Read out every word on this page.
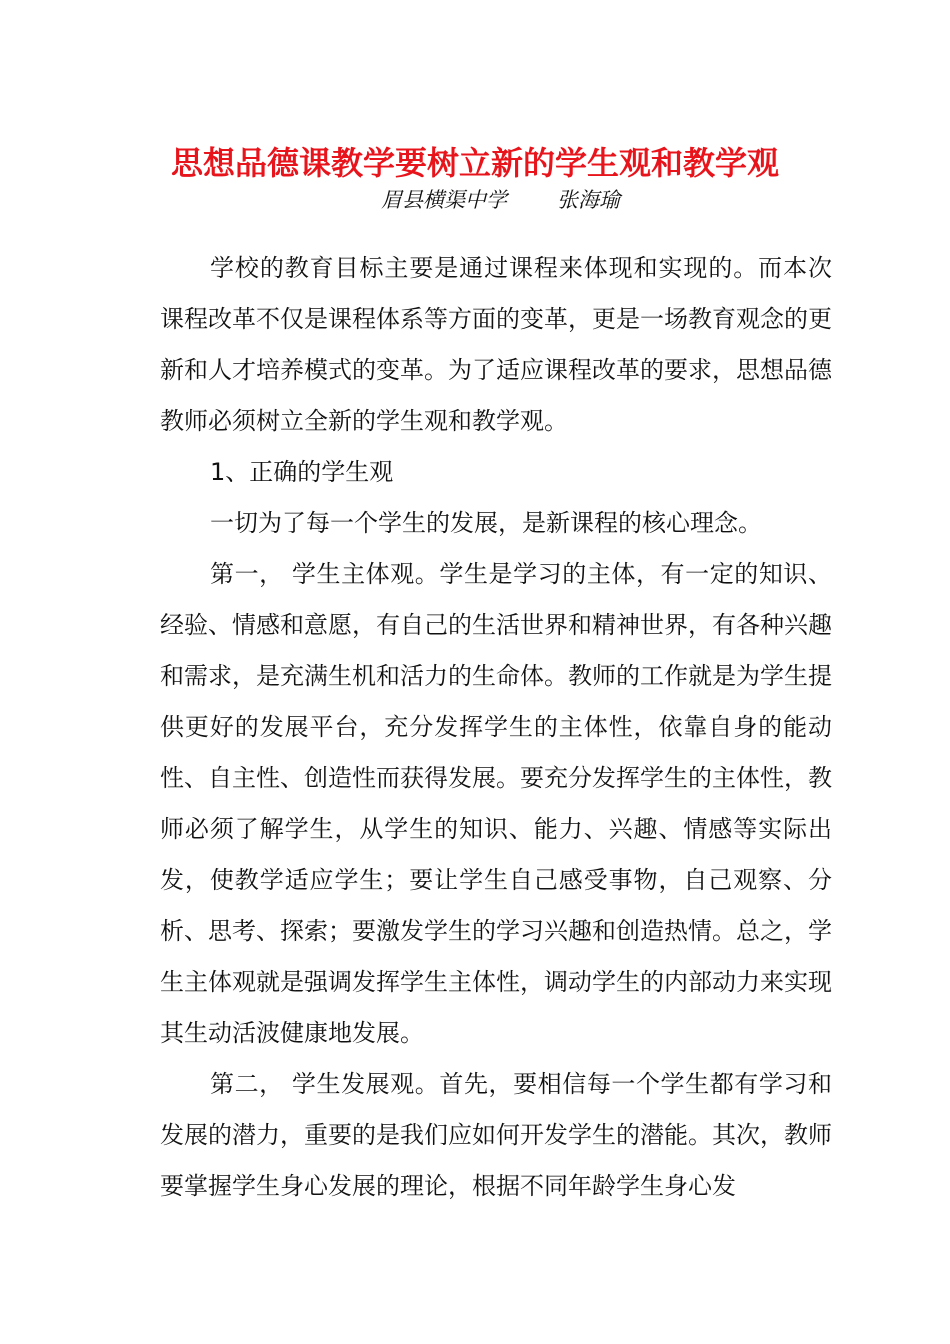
思想品德课教学要树立新的学生观和教学观
眉县横渠中学 张海瑜

学校的教育目标主要是通过课程来体现和实现的。而本次课程改革不仅是课程体系等方面的变革，更是一场教育观念的更新和人才培养模式的变革。为了适应课程改革的要求，思想品德教师必须树立全新的学生观和教学观。

1、正确的学生观

一切为了每一个学生的发展，是新课程的核心理念。

第一， 学生主体观。学生是学习的主体，有一定的知识、经验、情感和意愿，有自己的生活世界和精神世界，有各种兴趣和需求，是充满生机和活力的生命体。教师的工作就是为学生提供更好的发展平台，充分发挥学生的主体性，依靠自身的能动性、自主性、创造性而获得发展。要充分发挥学生的主体性，教师必须了解学生，从学生的知识、能力、兴趣、情感等实际出发，使教学适应学生；要让学生自己感受事物，自己观察、分析、思考、探索；要激发学生的学习兴趣和创造热情。总之，学生主体观就是强调发挥学生主体性，调动学生的内部动力来实现其生动活波健康地发展。

第二， 学生发展观。首先，要相信每一个学生都有学习和发展的潜力，重要的是我们应如何开发学生的潜能。其次，教师要掌握学生身心发展的理论，根据不同年龄学生身心发
